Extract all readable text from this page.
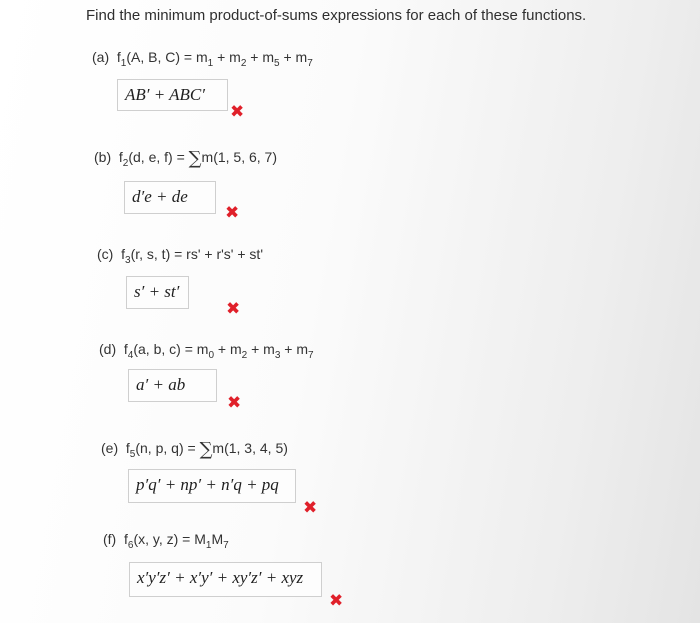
Find the minimum product-of-sums expressions for each of these functions.
(a) $f_1(A$, B, $C) = m_1 + m_2 + m_5 + m_7$
AB′ + ABC′
✖
(b) $f_2(d$, e, f) = ∑m(1, 5, 6, 7)
d′e + de
✖
(c) $f_3(r$, s, t) = rs' + r's' + st'
s′ + st′
✖
(d) $f_4(a$, b, $c) = m_0 + m_2 + m_3 + m_7$
a′ + ab
✖
(e) $f_5(n$, p, q) = ∑m(1, 3, 4, 5)
p′q′ + np′ + n′q + pq
✖
(f) $f_6(x$, y, $z) = M_1M_7$
x′y′z′ + x′y′ + xy′z′ + xyz
✖
